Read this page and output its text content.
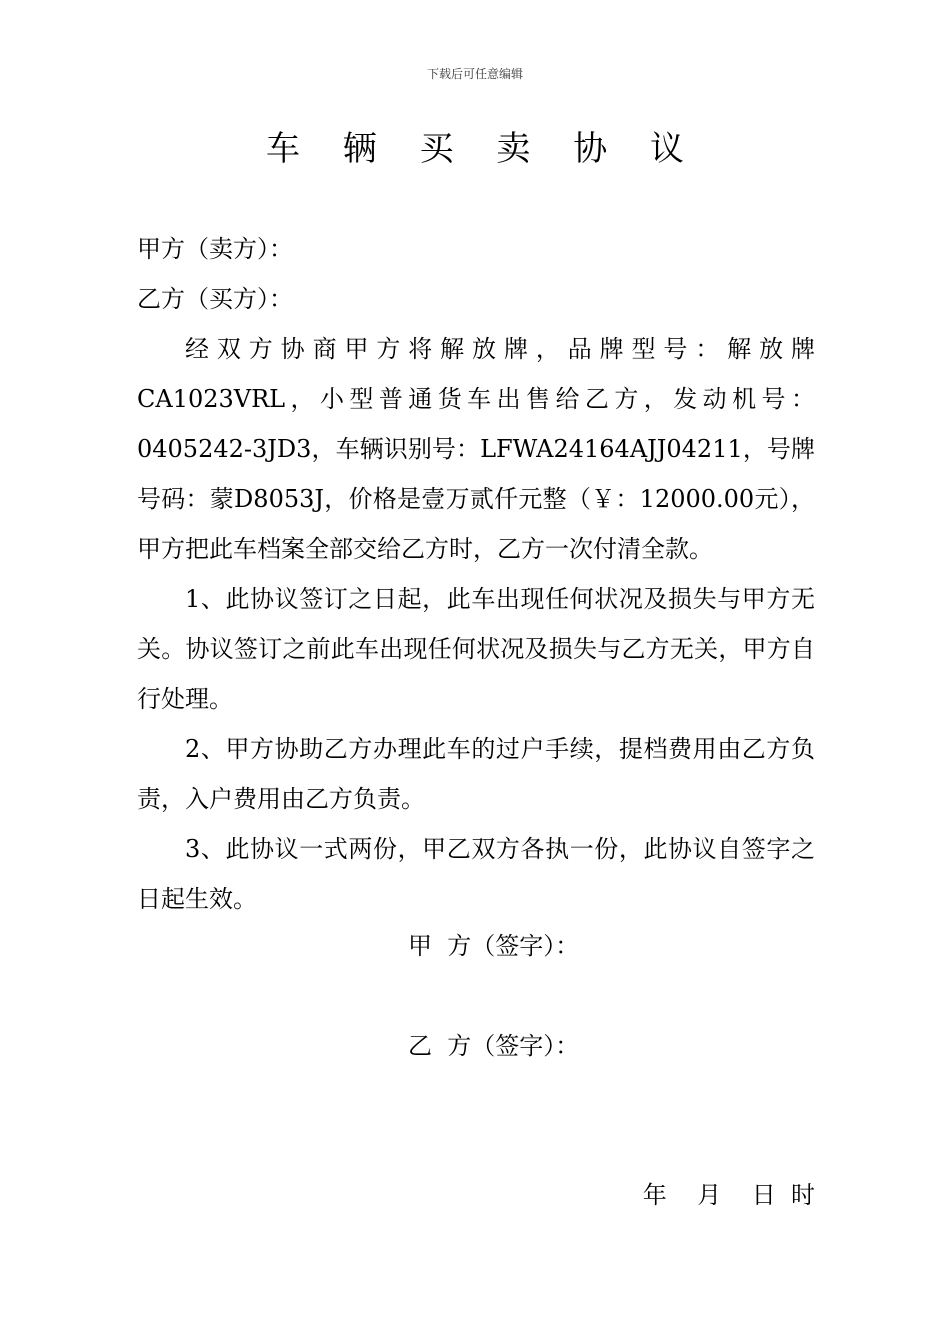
下载后可任意编辑
车 辆 买 卖 协 议

甲方（卖方）：

乙方（买方）：

经双方协商甲方将解放牌，品牌型号：解放牌CA1023VRL，小型普通货车出售给乙方，发动机号：0405242-3JD3，车辆识别号：LFWA24164AJJ04211，号牌号码：蒙D8053J，价格是壹万贰仟元整（￥：12000.00元），甲方把此车档案全部交给乙方时，乙方一次付清全款。

1、此协议签订之日起，此车出现任何状况及损失与甲方无关。协议签订之前此车出现任何状况及损失与乙方无关，甲方自行处理。

2、甲方协助乙方办理此车的过户手续，提档费用由乙方负责，入户费用由乙方负责。

3、此协议一式两份，甲乙双方各执一份，此协议自签字之日起生效。

甲  方（签字）：
乙  方（签字）：
年    月    日  时
